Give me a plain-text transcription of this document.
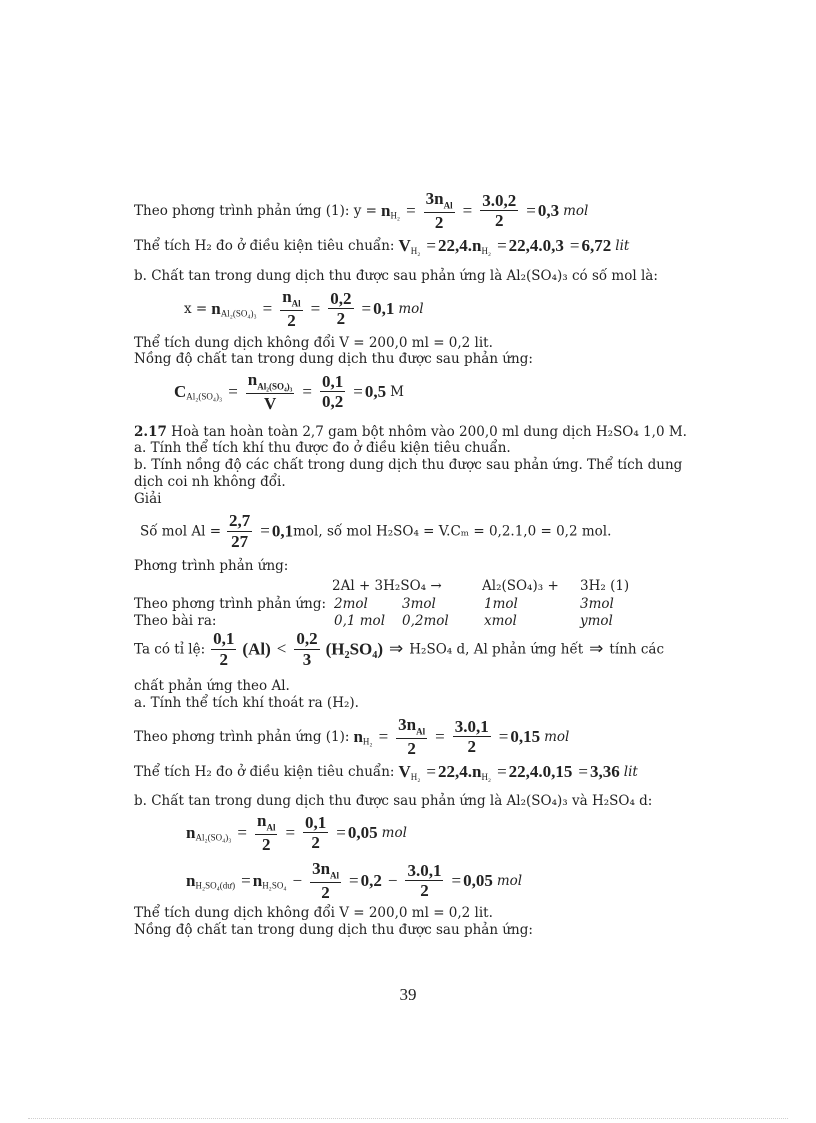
Theo phơng trình phản ứng (1): $y = n_{H_2} = \frac{3n_{Al}}{2} = \frac{3.0,2}{2} = 0,3$ mol
Thể tích H₂ đo ở điều kiện tiêu chuẩn: $V_{H_2} = 22,4.n_{H_2} = 22,4.0,3 = 6,72$ lit
b. Chất tan trong dung dịch thu được sau phản ứng là Al₂(SO₄)₃ có số mol là:
$x = n_{Al_2(SO_4)_3} = \frac{n_{Al}}{2} = \frac{0,2}{2} = 0,1$ mol
Thể tích dung dịch không đổi V = 200,0 ml = 0,2 lit.
Nồng độ chất tan trong dung dịch thu được sau phản ứng:
$C_{Al_2(SO_4)_3} = \frac{n_{Al_2(SO_4)_3}}{V} = \frac{0,1}{0,2} = 0,5$ M
2.17 Hoà tan hoàn toàn 2,7 gam bột nhôm vào 200,0 ml dung dịch H₂SO₄ 1,0 M.
a. Tính thể tích khí thu được đo ở điều kiện tiêu chuẩn.
b. Tính nồng độ các chất trong dung dịch thu được sau phản ứng. Thể tích dung
dịch coi nh không đổi.
Giải
Số mol $Al = \frac{2,7}{27} = 0,1mol$, số mol H₂SO₄ = V.Cₘ = 0,2.1,0 = 0,2 mol.
Phơng trình phản ứng:
2Al + 3H₂SO₄ →	Al₂(SO₄)₃ + 3H₂ (1)
Theo phơng trình phản ứng: 2mol	3mol	1mol	3mol
Theo bài ra:	0,1 mol 0,2mol	xmol	ymol
Ta có tỉ lệ: $\frac{0,1}{2} (Al) < \frac{0,2}{3} (H_2SO_4)$ ⇒ H₂SO₄ d, Al phản ứng hết ⇒ tính các
chất phản ứng theo Al.
a. Tính thể tích khí thoát ra (H₂).
Theo phơng trình phản ứng (1): $n_{H_2} = \frac{3n_{Al}}{2} = \frac{3.0,1}{2} = 0,15$ mol
Thể tích H₂ đo ở điều kiện tiêu chuẩn: $V_{H_2} = 22,4.n_{H_2} = 22,4.0,15 = 3,36$ lit
b. Chất tan trong dung dịch thu được sau phản ứng là Al₂(SO₄)₃ và H₂SO₄ d:
$n_{Al_2(SO_4)_3} = \frac{n_{Al}}{2} = \frac{0,1}{2} = 0,05$ mol
$n_{H_2SO_4(dư)} = n_{H_2SO_4} - \frac{3n_{Al}}{2} = 0,2 - \frac{3.0,1}{2} = 0,05$ mol
Thể tích dung dịch không đổi V = 200,0 ml = 0,2 lit.
Nồng độ chất tan trong dung dịch thu được sau phản ứng:
39
